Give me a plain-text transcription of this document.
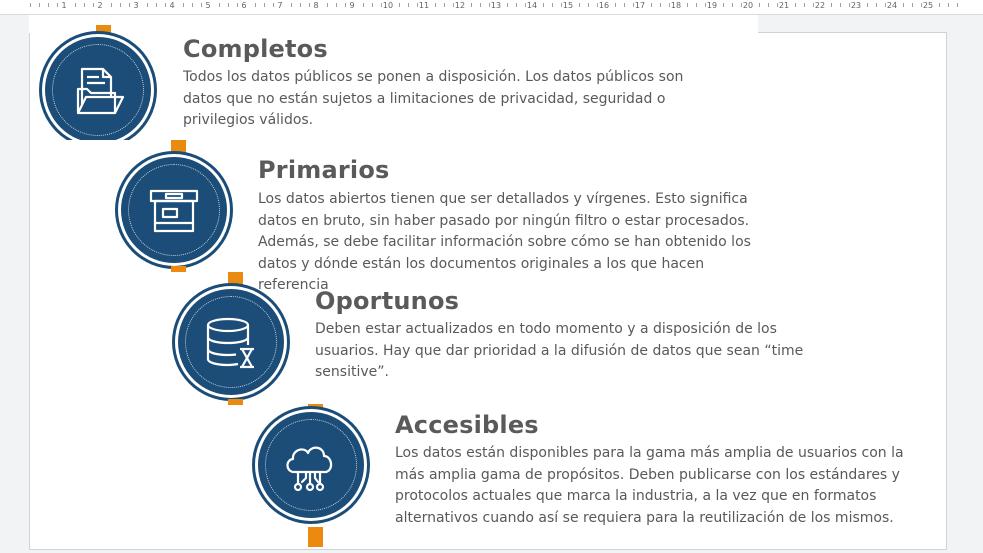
1	2	3	4	5	6	7	8	9	10	11	12	13	14	15	16	17	18	19	20	21	22	23	24	25
Completos

Todos los datos públicos se ponen a disposición. Los datos públicos son datos que no están sujetos a limitaciones de privacidad, seguridad o privilegios válidos.

Primarios

Los datos abiertos tienen que ser detallados y vírgenes. Esto significa datos en bruto, sin haber pasado por ningún filtro o estar procesados. Además, se debe facilitar información sobre cómo se han obtenido los datos y dónde están los documentos originales a los que hacen referencia

Oportunos

Deben estar actualizados en todo momento y a disposición de los usuarios. Hay que dar prioridad a la difusión de datos que sean “time sensitive”.

Accesibles

Los datos están disponibles para la gama más amplia de usuarios con la más amplia gama de propósitos. Deben publicarse con los estándares y protocolos actuales que marca la industria, a la vez que en formatos alternativos cuando así se requiera para la reutilización de los mismos.
